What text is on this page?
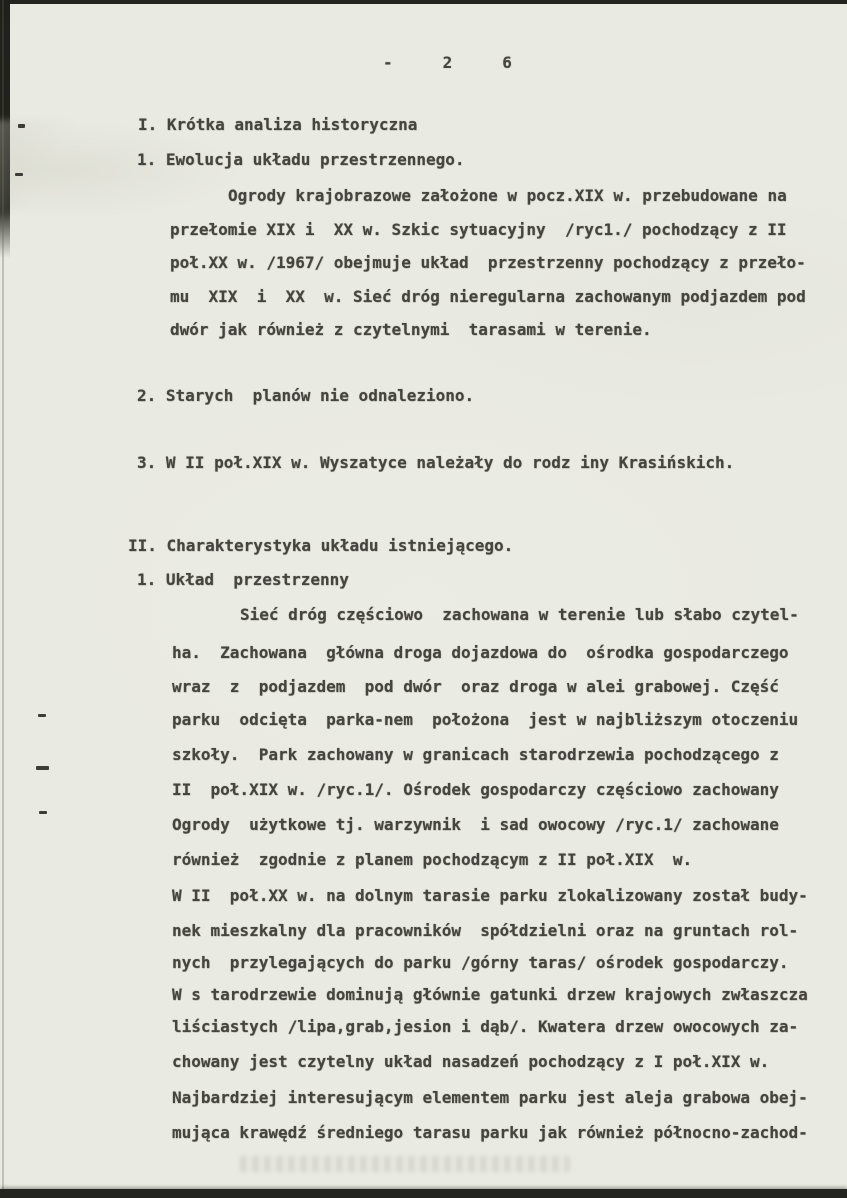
-	2	6
I. Krótka analiza historyczna
1. Ewolucja układu przestrzennego.
Ogrody krajobrazowe założone w pocz.XIX w. przebudowane na
przełomie XIX i  XX w. Szkic sytuacyjny  /ryc1./ pochodzący z II
poł.XX w. /1967/ obejmuje układ  przestrzenny pochodzący z przeło-
mu  XIX  i  XX  w. Sieć dróg nieregularna zachowanym podjazdem pod
dwór jak również z czytelnymi  tarasami w terenie.
2. Starych  planów nie odnaleziono.
3. W II poł.XIX w. Wyszatyce należały do rodz iny Krasińskich.
II. Charakterystyka układu istniejącego.
1. Układ  przestrzenny
Sieć dróg częściowo  zachowana w terenie lub słabo czytel-
ha.  Zachowana  główna droga dojazdowa do  ośrodka gospodarczego
wraz  z  podjazdem  pod dwór  oraz droga w alei grabowej. Część
parku  odcięta  parka-nem  położona  jest w najbliższym otoczeniu
szkoły.  Park zachowany w granicach starodrzewia pochodzącego z
II  poł.XIX w. /ryc.1/. Ośrodek gospodarczy częściowo zachowany
Ogrody  użytkowe tj. warzywnik  i sad owocowy /ryc.1/ zachowane
również  zgodnie z planem pochodzącym z II poł.XIX  w.
W II  poł.XX w. na dolnym tarasie parku zlokalizowany został budy-
nek mieszkalny dla pracowników  spółdzielni oraz na gruntach rol-
nych  przylegających do parku /górny taras/ ośrodek gospodarczy.
W s tarodrzewie dominują głównie gatunki drzew krajowych zwłaszcza
liściastych /lipa,grab,jesion i dąb/. Kwatera drzew owocowych za-
chowany jest czytelny układ nasadzeń pochodzący z I poł.XIX w.
Najbardziej interesującym elementem parku jest aleja grabowa obej-
mująca krawędź średniego tarasu parku jak również północno-zachod-
